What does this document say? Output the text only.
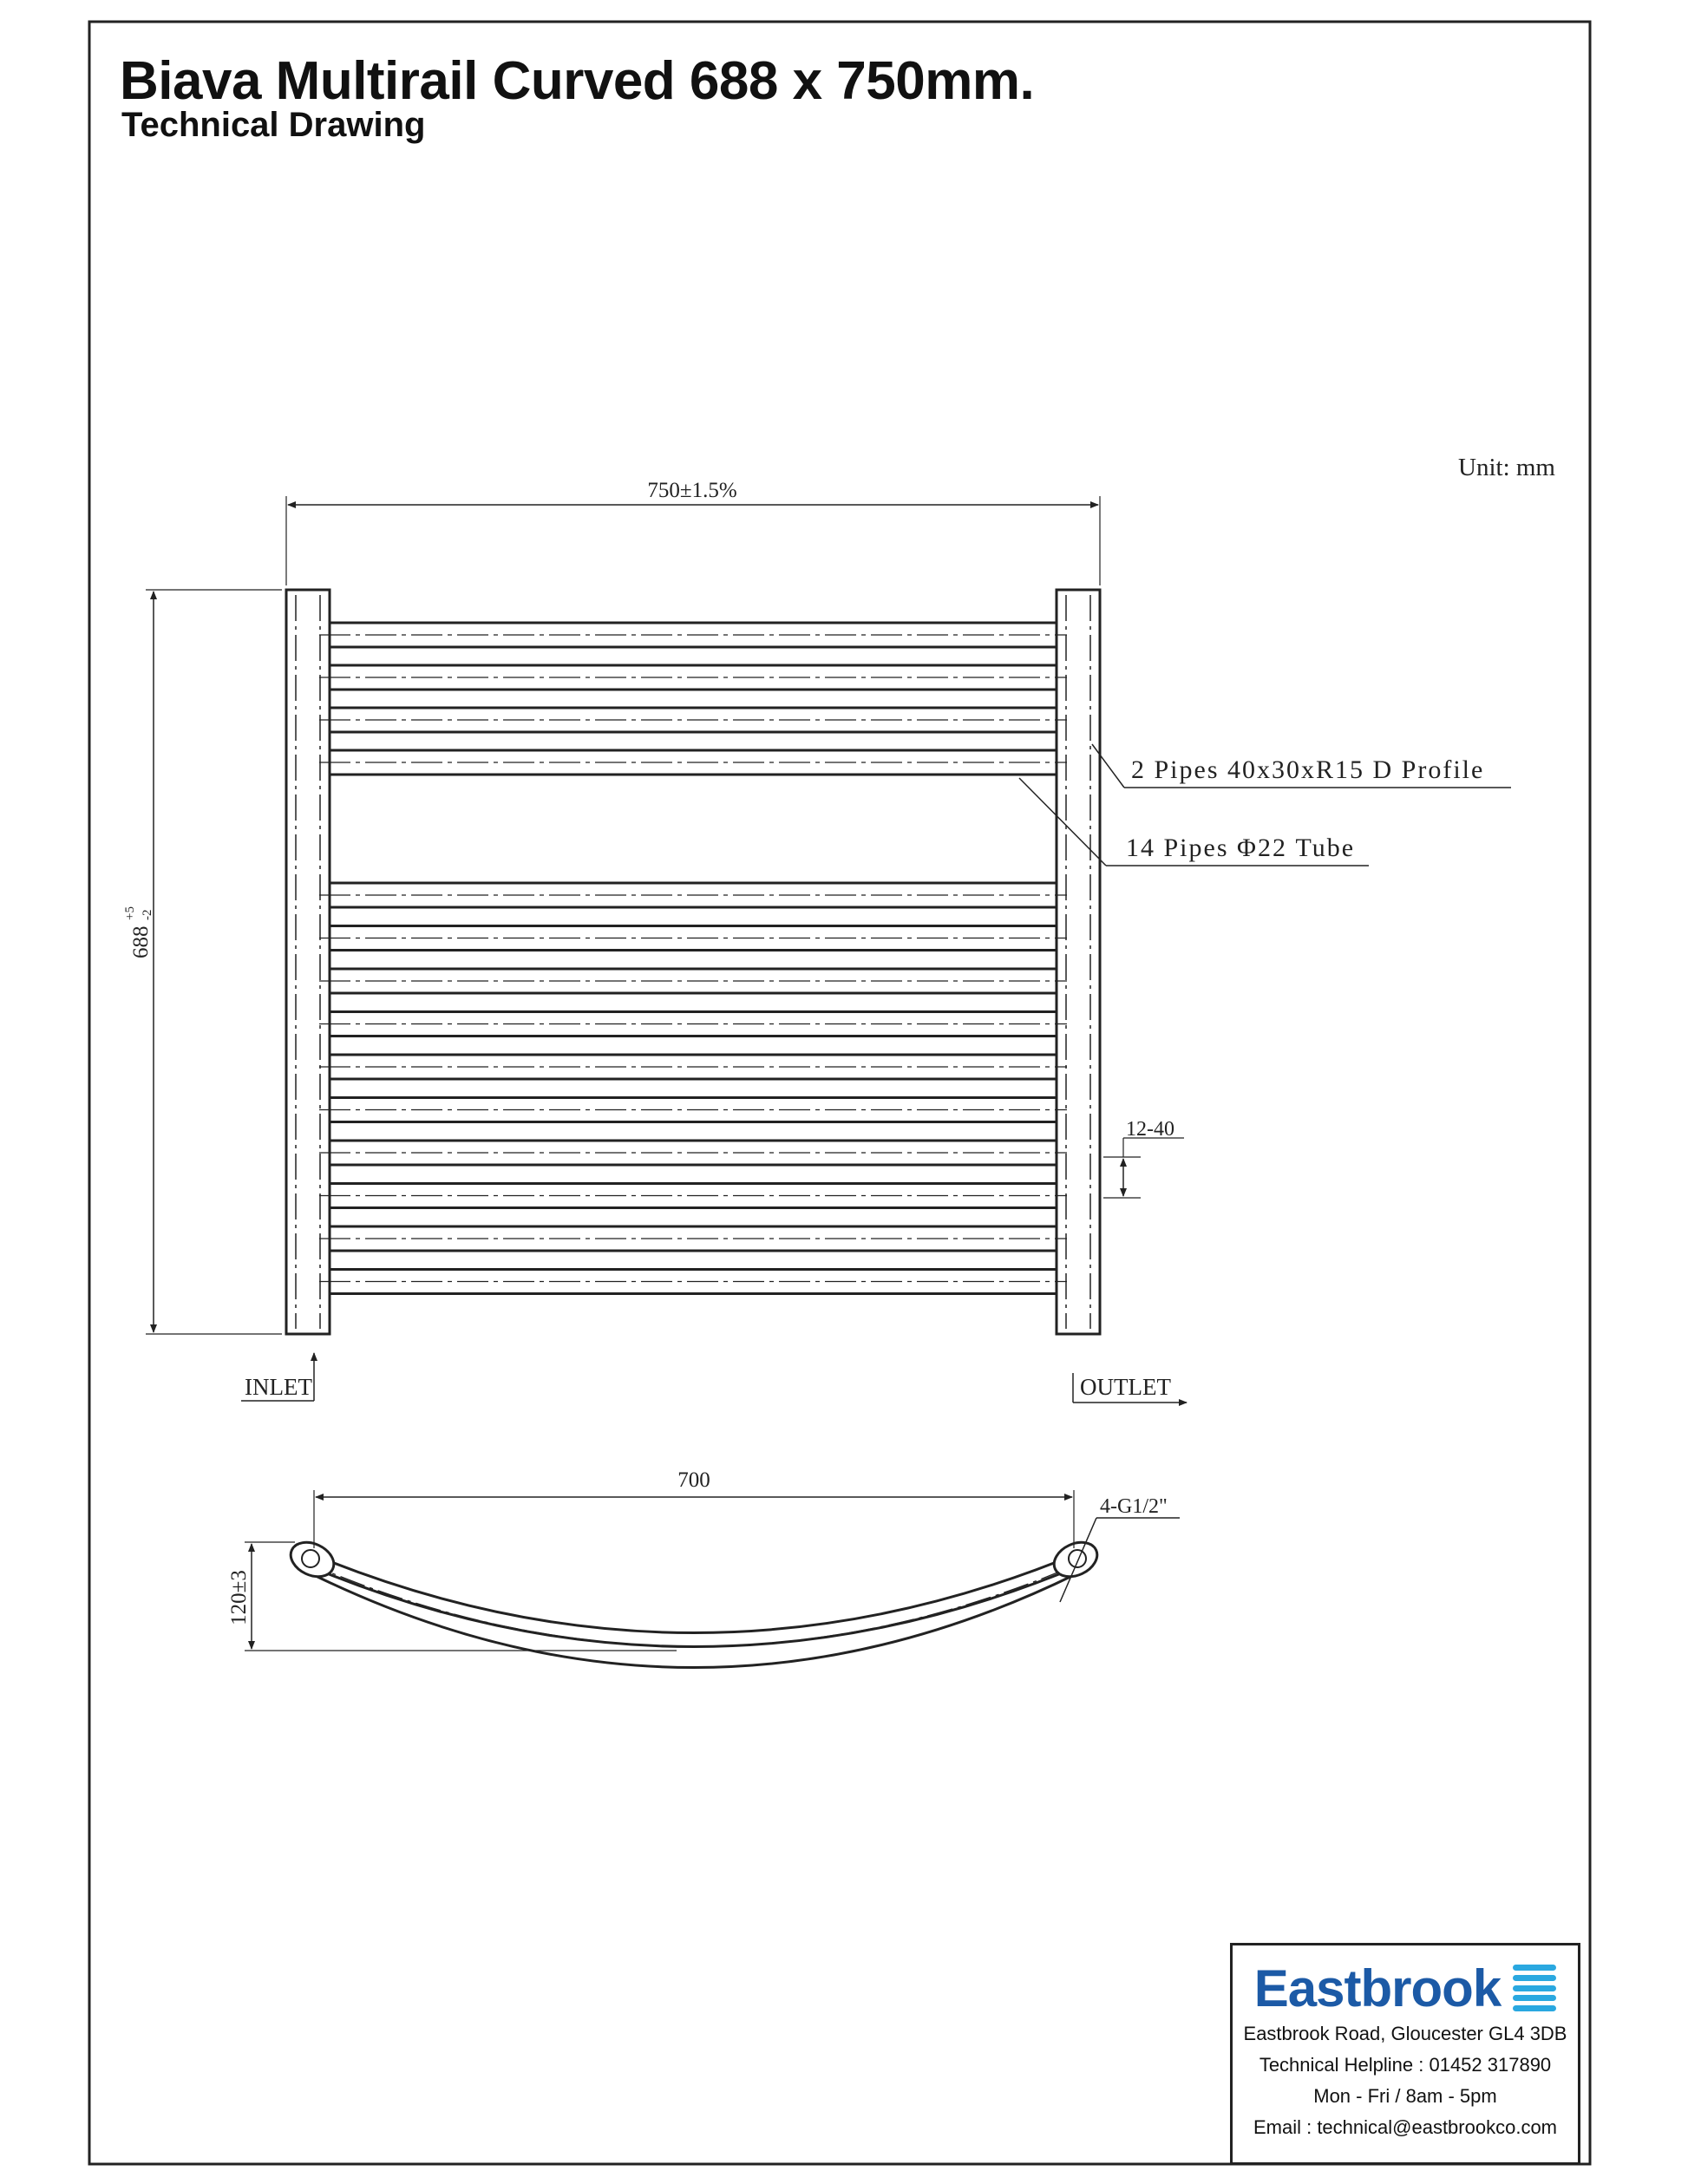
Biava Multirail Curved 688 x 750mm.
Technical Drawing
Unit: mm
750±1.5%
688
+5 -2
2 Pipes 40x30xR15 D Profile
14 Pipes Φ22 Tube
12-40
INLET	OUTLET
700
4-G1/2"
120±3
Eastbrook
Eastbrook Road, Gloucester GL4 3DB
Technical Helpline : 01452 317890
Mon - Fri / 8am - 5pm
Email : technical@eastbrookco.com
